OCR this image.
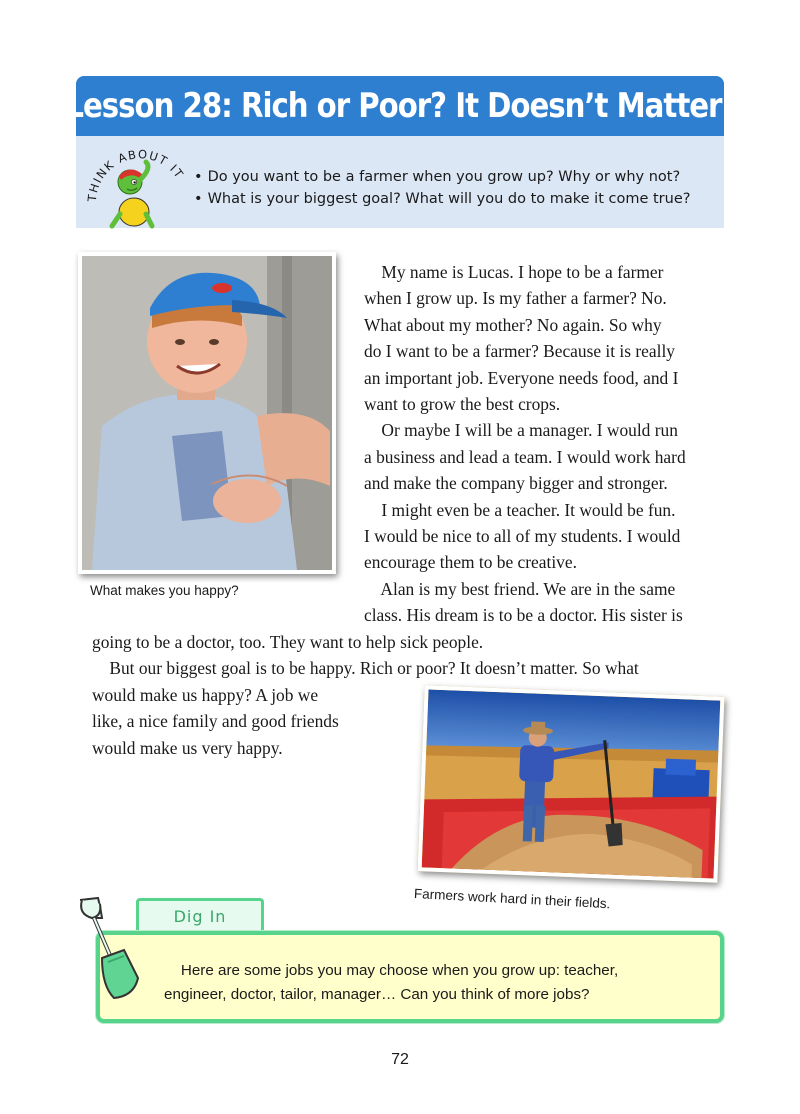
Lesson 28: Rich or Poor? It Doesn’t Matter!
THINK ABOUT IT • Do you want to be a farmer when you grow up? Why or why not?
• What is your biggest goal? What will you do to make it come true?
What makes you happy?

My name is Lucas. I hope to be a farmer

when I grow up. Is my father a farmer? No.

What about my mother? No again. So why

do I want to be a farmer? Because it is really

an important job. Everyone needs food, and I

want to grow the best crops.

Or maybe I will be a manager. I would run

a business and lead a team. I would work hard

and make the company bigger and stronger.

I might even be a teacher. It would be fun.

I would be nice to all of my students. I would

encourage them to be creative.

Alan is my best friend. We are in the same

class. His dream is to be a doctor. His sister is

going to be a doctor, too. They want to help sick people.

But our biggest goal is to be happy. Rich or poor? It doesn’t matter. So what

would make us happy? A job we

like, a nice family and good friends

would make us very happy.

Farmers work hard in their fields.
Dig In

Here are some jobs you may choose when you grow up: teacher,

engineer, doctor, tailor, manager… Can you think of more jobs?

72
